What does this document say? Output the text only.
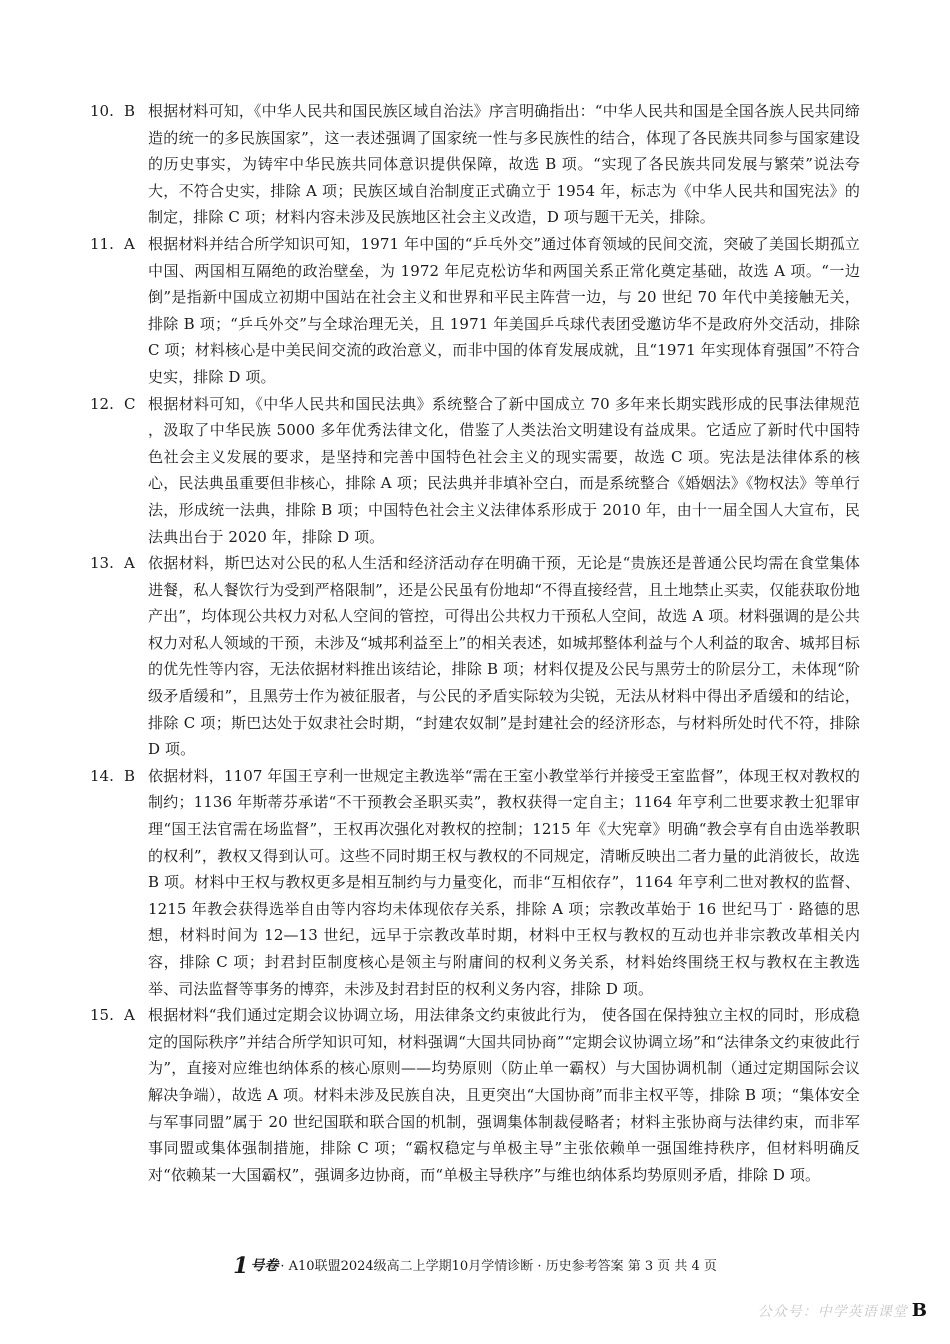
10. B 根据材料可知，《中华人民共和国民族区域自治法》序言明确指出：“中华人民共和国是全国各族人民共同缔造的统一的多民族国家”，这一表述强调了国家统一性与多民族性的结合，体现了各民族共同参与国家建设的历史事实，为铸牢中华民族共同体意识提供保障，故选 B 项。“实现了各民族共同发展与繁荣”说法夸大，不符合史实，排除 A 项；民族区域自治制度正式确立于 1954 年，标志为《中华人民共和国宪法》的制定，排除 C 项；材料内容未涉及民族地区社会主义改造，D 项与题干无关，排除。
11. A 根据材料并结合所学知识可知，1971 年中国的“乒乓外交”通过体育领域的民间交流，突破了美国长期孤立中国、两国相互隔绝的政治壁垒，为 1972 年尼克松访华和两国关系正常化奠定基础，故选 A 项。“一边倒”是指新中国成立初期中国站在社会主义和世界和平民主阵营一边，与 20 世纪 70 年代中美接触无关，排除 B 项；“乒乓外交”与全球治理无关，且 1971 年美国乒乓球代表团受邀访华不是政府外交活动，排除 C 项；材料核心是中美民间交流的政治意义，而非中国的体育发展成就，且“1971 年实现体育强国”不符合史实，排除 D 项。
12. C 根据材料可知，《中华人民共和国民法典》系统整合了新中国成立 70 多年来长期实践形成的民事法律规范 ，汲取了中华民族 5000 多年优秀法律文化，借鉴了人类法治文明建设有益成果。它适应了新时代中国特色社会主义发展的要求，是坚持和完善中国特色社会主义的现实需要，故选 C 项。宪法是法律体系的核心，民法典虽重要但非核心，排除 A 项；民法典并非填补空白，而是系统整合《婚姻法》《物权法》等单行法，形成统一法典，排除 B 项；中国特色社会主义法律体系形成于 2010 年，由十一届全国人大宣布，民法典出台于 2020 年，排除 D 项。
13. A 依据材料，斯巴达对公民的私人生活和经济活动存在明确干预，无论是“贵族还是普通公民均需在食堂集体进餐，私人餐饮行为受到严格限制”，还是公民虽有份地却“不得直接经营，且土地禁止买卖，仅能获取份地产出”，均体现公共权力对私人空间的管控，可得出公共权力干预私人空间，故选 A 项。材料强调的是公共权力对私人领域的干预，未涉及“城邦利益至上”的相关表述，如城邦整体利益与个人利益的取舍、城邦目标的优先性等内容，无法依据材料推出该结论，排除 B 项；材料仅提及公民与黑劳士的阶层分工，未体现“阶级矛盾缓和”，且黑劳士作为被征服者，与公民的矛盾实际较为尖锐，无法从材料中得出矛盾缓和的结论，排除 C 项；斯巴达处于奴隶社会时期，“封建农奴制”是封建社会的经济形态，与材料所处时代不符，排除 D 项。
14. B 依据材料，1107 年国王亨利一世规定主教选举“需在王室小教堂举行并接受王室监督”，体现王权对教权的制约；1136 年斯蒂芬承诺“不干预教会圣职买卖”，教权获得一定自主；1164 年亨利二世要求教士犯罪审理“国王法官需在场监督”，王权再次强化对教权的控制；1215 年《大宪章》明确“教会享有自由选举教职的权利”，教权又得到认可。这些不同时期王权与教权的不同规定，清晰反映出二者力量的此消彼长，故选 B 项。材料中王权与教权更多是相互制约与力量变化，而非“互相依存”，1164 年亨利二世对教权的监督、1215 年教会获得选举自由等内容均未体现依存关系，排除 A 项；宗教改革始于 16 世纪马丁 · 路德的思想，材料时间为 12—13 世纪，远早于宗教改革时期，材料中王权与教权的互动也并非宗教改革相关内容，排除 C 项；封君封臣制度核心是领主与附庸间的权利义务关系，材料始终围绕王权与教权在主教选举、司法监督等事务的博弈，未涉及封君封臣的权利义务内容，排除 D 项。
15. A 根据材料“我们通过定期会议协调立场，用法律条文约束彼此行为， 使各国在保持独立主权的同时，形成稳定的国际秩序”并结合所学知识可知，材料强调“大国共同协商”“定期会议协调立场”和“法律条文约束彼此行为”，直接对应维也纳体系的核心原则——均势原则（防止单一霸权）与大国协调机制（通过定期国际会议解决争端），故选 A 项。材料未涉及民族自决，且更突出“大国协商”而非主权平等，排除 B 项；“集体安全与军事同盟”属于 20 世纪国联和联合国的机制，强调集体制裁侵略者；材料主张协商与法律约束，而非军事同盟或集体强制措施，排除 C 项；“霸权稳定与单极主导”主张依赖单一强国维持秩序，但材料明确反对“依赖某一大国霸权”，强调多边协商，而“单极主导秩序”与维也纳体系均势原则矛盾，排除 D 项。
1 号卷 · A10联盟2024级高二上学期10月学情诊断 · 历史参考答案 第 3 页 共 4 页
公众号：中学英语课堂 B
